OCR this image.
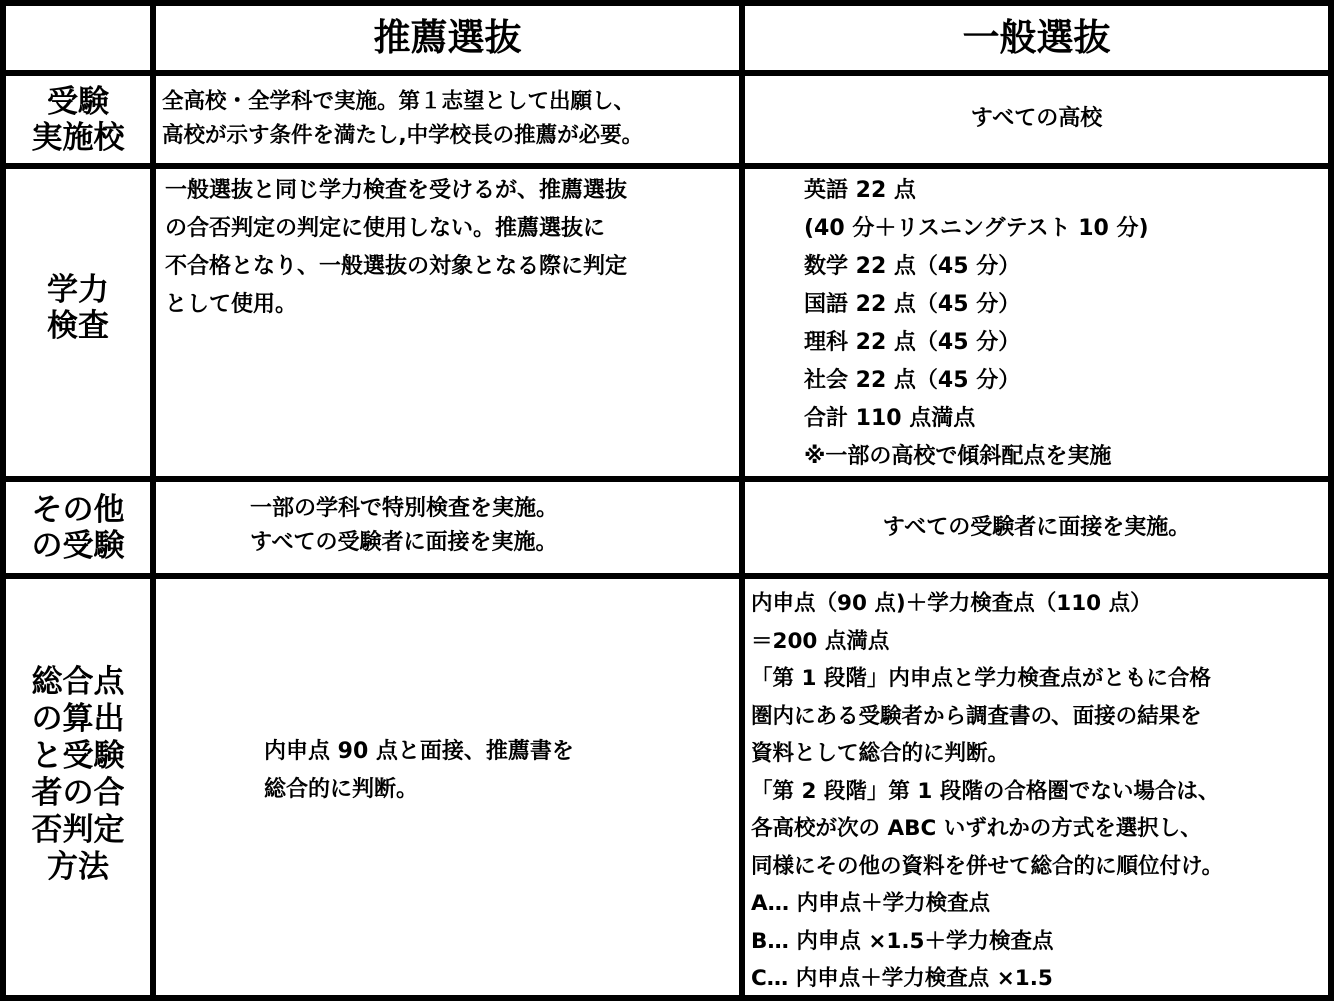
推薦選抜	一般選抜
受験
実施校
全高校・全学科で実施。第１志望として出願し、
高校が示す条件を満たし,中学校長の推薦が必要。
すべての高校
学力
検査
一般選抜と同じ学力検査を受けるが、推薦選抜
の合否判定の判定に使用しない。推薦選抜に
不合格となり、一般選抜の対象となる際に判定
として使用。
英語 22 点
(40 分＋リスニングテスト 10 分)
数学 22 点（45 分）
国語 22 点（45 分）
理科 22 点（45 分）
社会 22 点（45 分）
合計 110 点満点
※一部の高校で傾斜配点を実施
その他
の受験
一部の学科で特別検査を実施。
すべての受験者に面接を実施。
すべての受験者に面接を実施。
総合点
の算出
と受験
者の合
否判定
方法
内申点 90 点と面接、推薦書を
総合的に判断。
内申点（90 点)＋学力検査点（110 点）
＝200 点満点
「第 1 段階」内申点と学力検査点がともに合格
圏内にある受験者から調査書の、面接の結果を
資料として総合的に判断。
「第 2 段階」第 1 段階の合格圏でない場合は、
各高校が次の ABC いずれかの方式を選択し、
同様にその他の資料を併せて総合的に順位付け。
A… 内申点＋学力検査点
B… 内申点 ×1.5＋学力検査点
C… 内申点＋学力検査点 ×1.5
